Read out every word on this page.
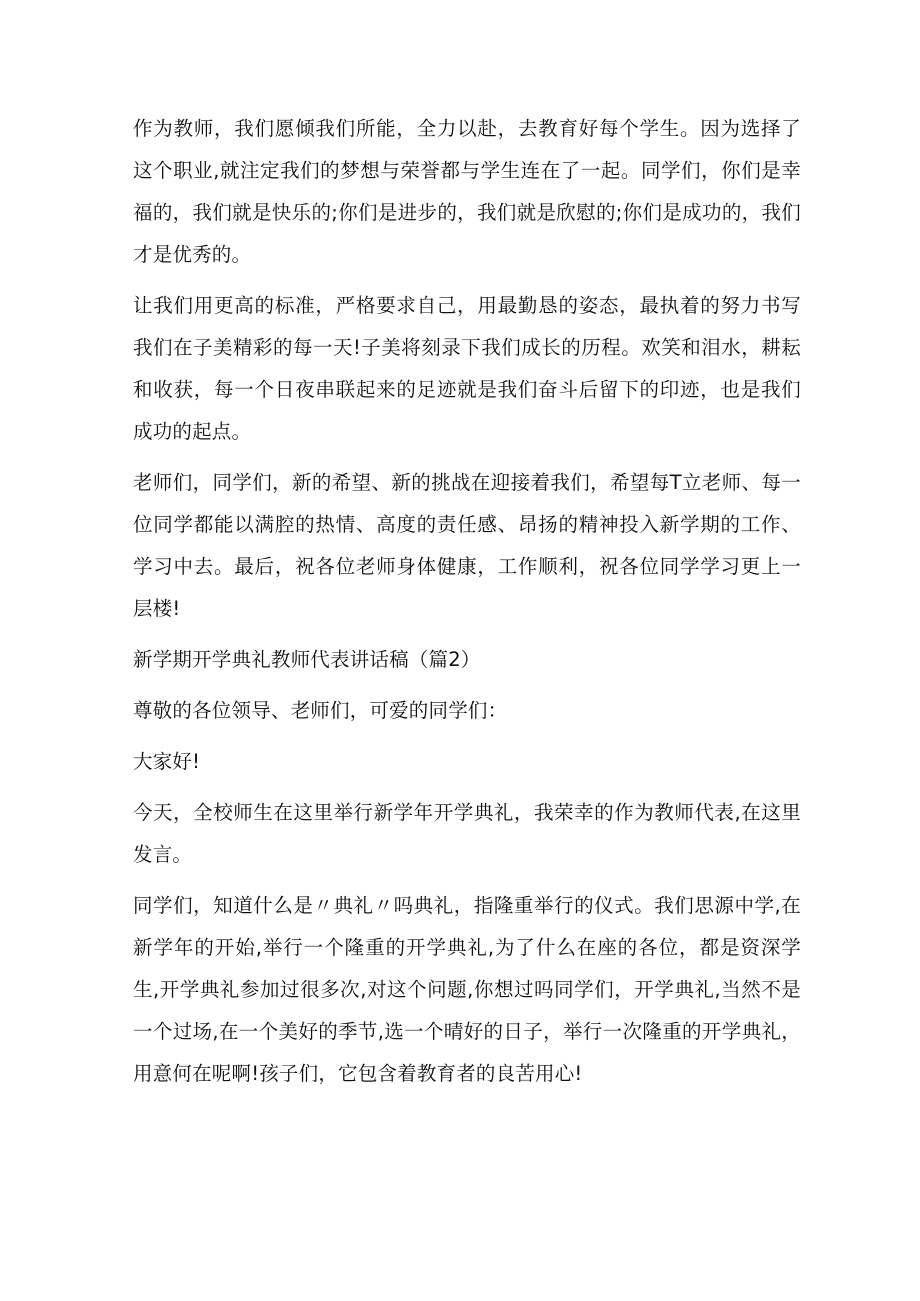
作为教师，我们愿倾我们所能，全力以赴，去教育好每个学生。因为选择了这个职业,就注定我们的梦想与荣誉都与学生连在了一起。同学们，你们是幸福的，我们就是快乐的;你们是进步的，我们就是欣慰的;你们是成功的，我们才是优秀的。

让我们用更高的标准，严格要求自己，用最勤恳的姿态，最执着的努力书写我们在子美精彩的每一天!子美将刻录下我们成长的历程。欢笑和泪水，耕耘和收获，每一个日夜串联起来的足迹就是我们奋斗后留下的印迹，也是我们成功的起点。

老师们，同学们，新的希望、新的挑战在迎接着我们，希望每T立老师、每一位同学都能以满腔的热情、高度的责任感、昂扬的精神投入新学期的工作、学习中去。最后，祝各位老师身体健康，工作顺利，祝各位同学学习更上一层楼!

新学期开学典礼教师代表讲话稿（篇2）

尊敬的各位领导、老师们，可爱的同学们：

大家好!

今天，全校师生在这里举行新学年开学典礼，我荣幸的作为教师代表,在这里发言。

同学们，知道什么是〃典礼〃吗典礼，指隆重举行的仪式。我们思源中学,在新学年的开始,举行一个隆重的开学典礼,为了什么在座的各位，都是资深学生,开学典礼参加过很多次,对这个问题,你想过吗同学们，开学典礼,当然不是一个过场,在一个美好的季节,选一个晴好的日子，举行一次隆重的开学典礼，用意何在呢啊!孩子们，它包含着教育者的良苦用心!
